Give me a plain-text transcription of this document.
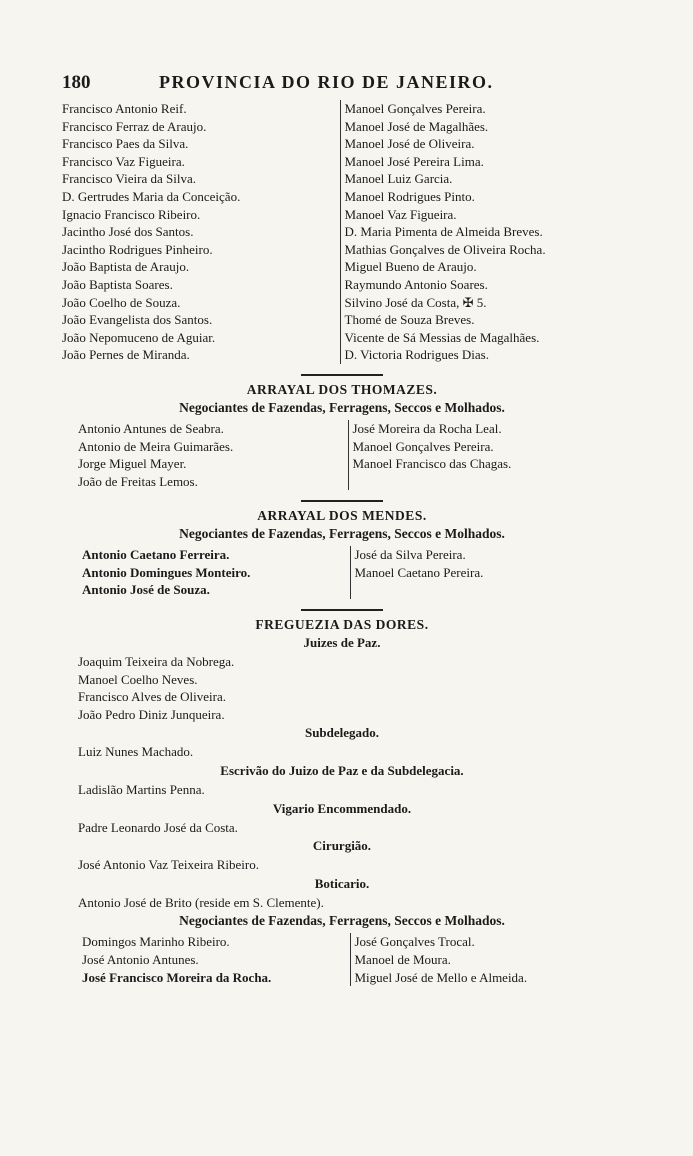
180	PROVINCIA DO RIO DE JANEIRO.
Francisco Antonio Reif.
Francisco Ferraz de Araujo.
Francisco Paes da Silva.
Francisco Vaz Figueira.
Francisco Vieira da Silva.
D. Gertrudes Maria da Conceição.
Ignacio Francisco Ribeiro.
Jacintho José dos Santos.
Jacintho Rodrigues Pinheiro.
João Baptista de Araujo.
João Baptista Soares.
João Coelho de Souza.
João Evangelista dos Santos.
João Nepomuceno de Aguiar.
João Pernes de Miranda.
Manoel Gonçalves Pereira.
Manoel José de Magalhães.
Manoel José de Oliveira.
Manoel José Pereira Lima.
Manoel Luiz Garcia.
Manoel Rodrigues Pinto.
Manoel Vaz Figueira.
D. Maria Pimenta de Almeida Breves.
Mathias Gonçalves de Oliveira Rocha.
Miguel Bueno de Araujo.
Raymundo Antonio Soares.
Silvino José da Costa, ✠ 5.
Thomé de Souza Breves.
Vicente de Sá Messias de Magalhães.
D. Victoria Rodrigues Dias.
ARRAYAL DOS THOMAZES.
Negociantes de Fazendas, Ferragens, Seccos e Molhados.
Antonio Antunes de Seabra.
Antonio de Meira Guimarães.
Jorge Miguel Mayer.
João de Freitas Lemos.
José Moreira da Rocha Leal.
Manoel Gonçalves Pereira.
Manoel Francisco das Chagas.
ARRAYAL DOS MENDES.
Negociantes de Fazendas, Ferragens, Seccos e Molhados.
Antonio Caetano Ferreira.
Antonio Domingues Monteiro.
Antonio José de Souza.
José da Silva Pereira.
Manoel Caetano Pereira.

FREGUEZIA DAS DORES.
Juizes de Paz.
Joaquim Teixeira da Nobrega.
Manoel Coelho Neves.
Francisco Alves de Oliveira.
João Pedro Diniz Junqueira.
Subdelegado.
Luiz Nunes Machado.
Escrivão do Juizo de Paz e da Subdelegacia.
Ladislão Martins Penna.
Vigario Encommendado.
Padre Leonardo José da Costa.
Cirurgião.
José Antonio Vaz Teixeira Ribeiro.
Boticario.
Antonio José de Brito (reside em S. Clemente).
Negociantes de Fazendas, Ferragens, Seccos e Molhados.
Domingos Marinho Ribeiro.
José Antonio Antunes.
José Francisco Moreira da Rocha.
José Gonçalves Trocal.
Manoel de Moura.
Miguel José de Mello e Almeida.
